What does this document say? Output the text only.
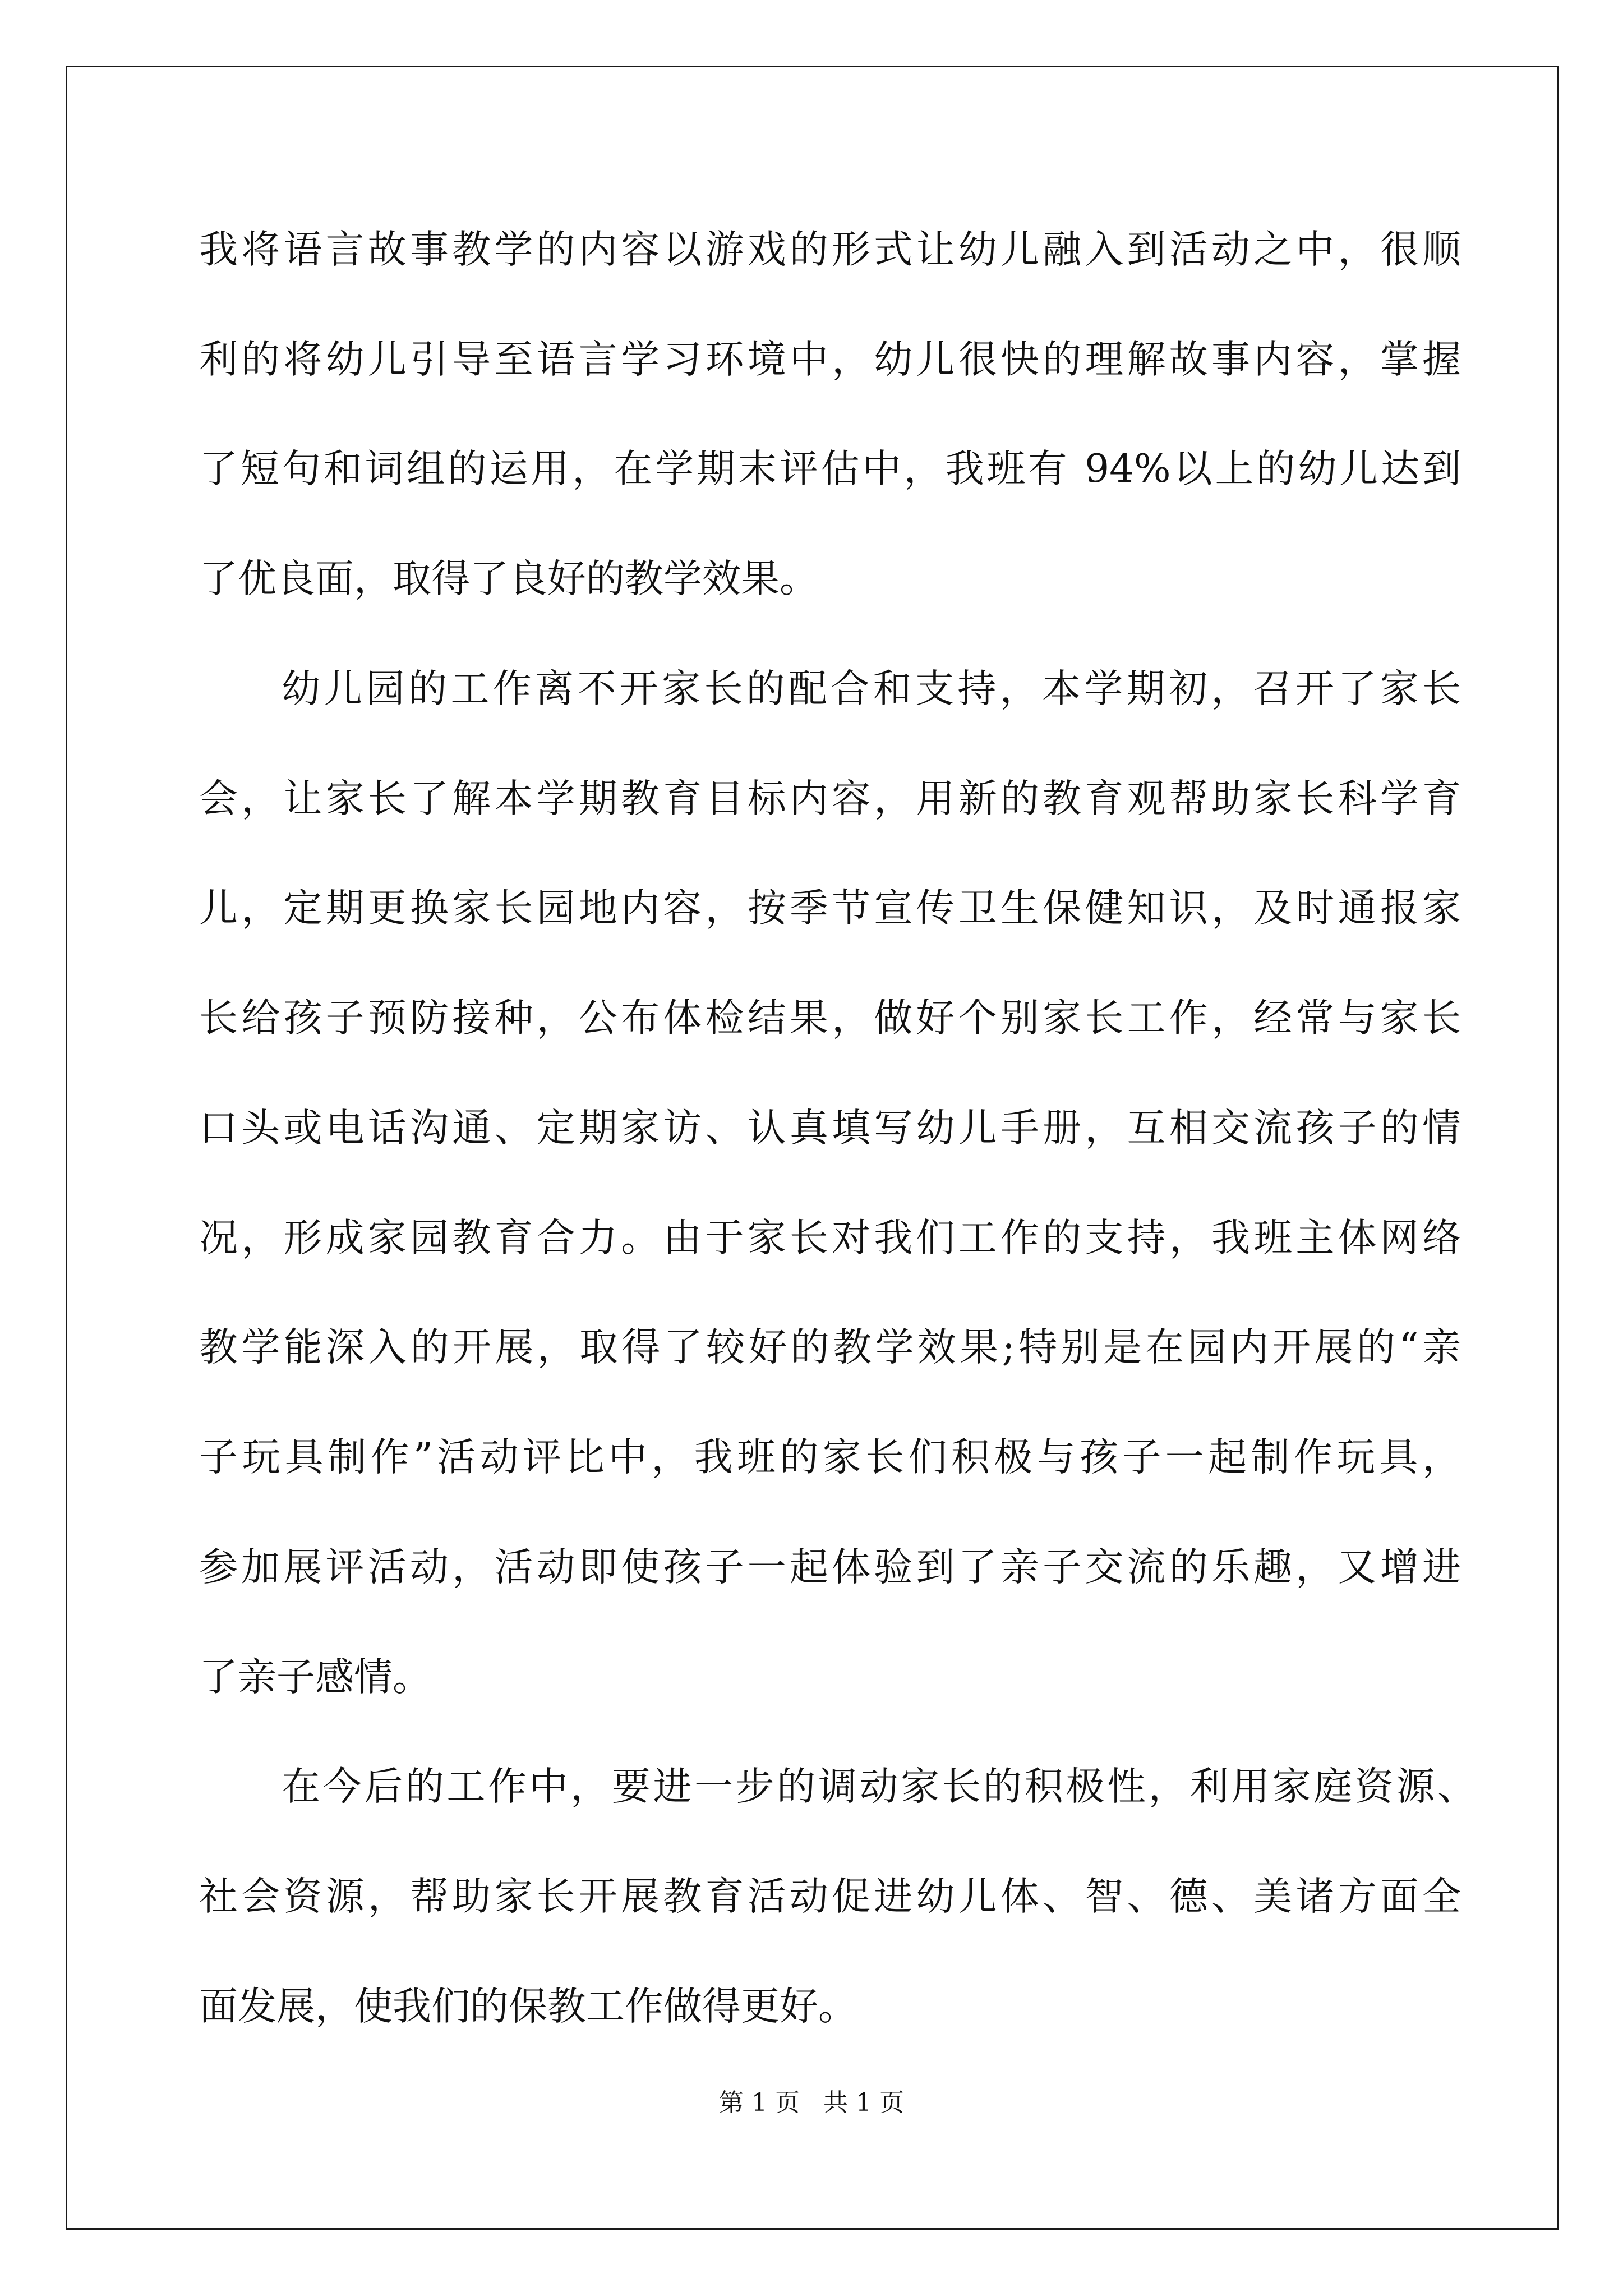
我将语言故事教学的内容以游戏的形式让幼儿融入到活动之中，很顺
利的将幼儿引导至语言学习环境中，幼儿很快的理解故事内容，掌握
了短句和词组的运用，在学期末评估中，我班有 94%以上的幼儿达到
了优良面，取得了良好的教学效果。
幼儿园的工作离不开家长的配合和支持，本学期初，召开了家长
会，让家长了解本学期教育目标内容，用新的教育观帮助家长科学育
儿，定期更换家长园地内容，按季节宣传卫生保健知识，及时通报家
长给孩子预防接种，公布体检结果，做好个别家长工作，经常与家长
口头或电话沟通、定期家访、认真填写幼儿手册，互相交流孩子的情
况，形成家园教育合力。由于家长对我们工作的支持，我班主体网络
教学能深入的开展，取得了较好的教学效果;特别是在园内开展的“亲
子玩具制作”活动评比中，我班的家长们积极与孩子一起制作玩具，
参加展评活动，活动即使孩子一起体验到了亲子交流的乐趣，又增进
了亲子感情。
在今后的工作中，要进一步的调动家长的积极性，利用家庭资源、
社会资源，帮助家长开展教育活动促进幼儿体、智、德、美诸方面全
面发展，使我们的保教工作做得更好。
第 1 页   共 1 页
